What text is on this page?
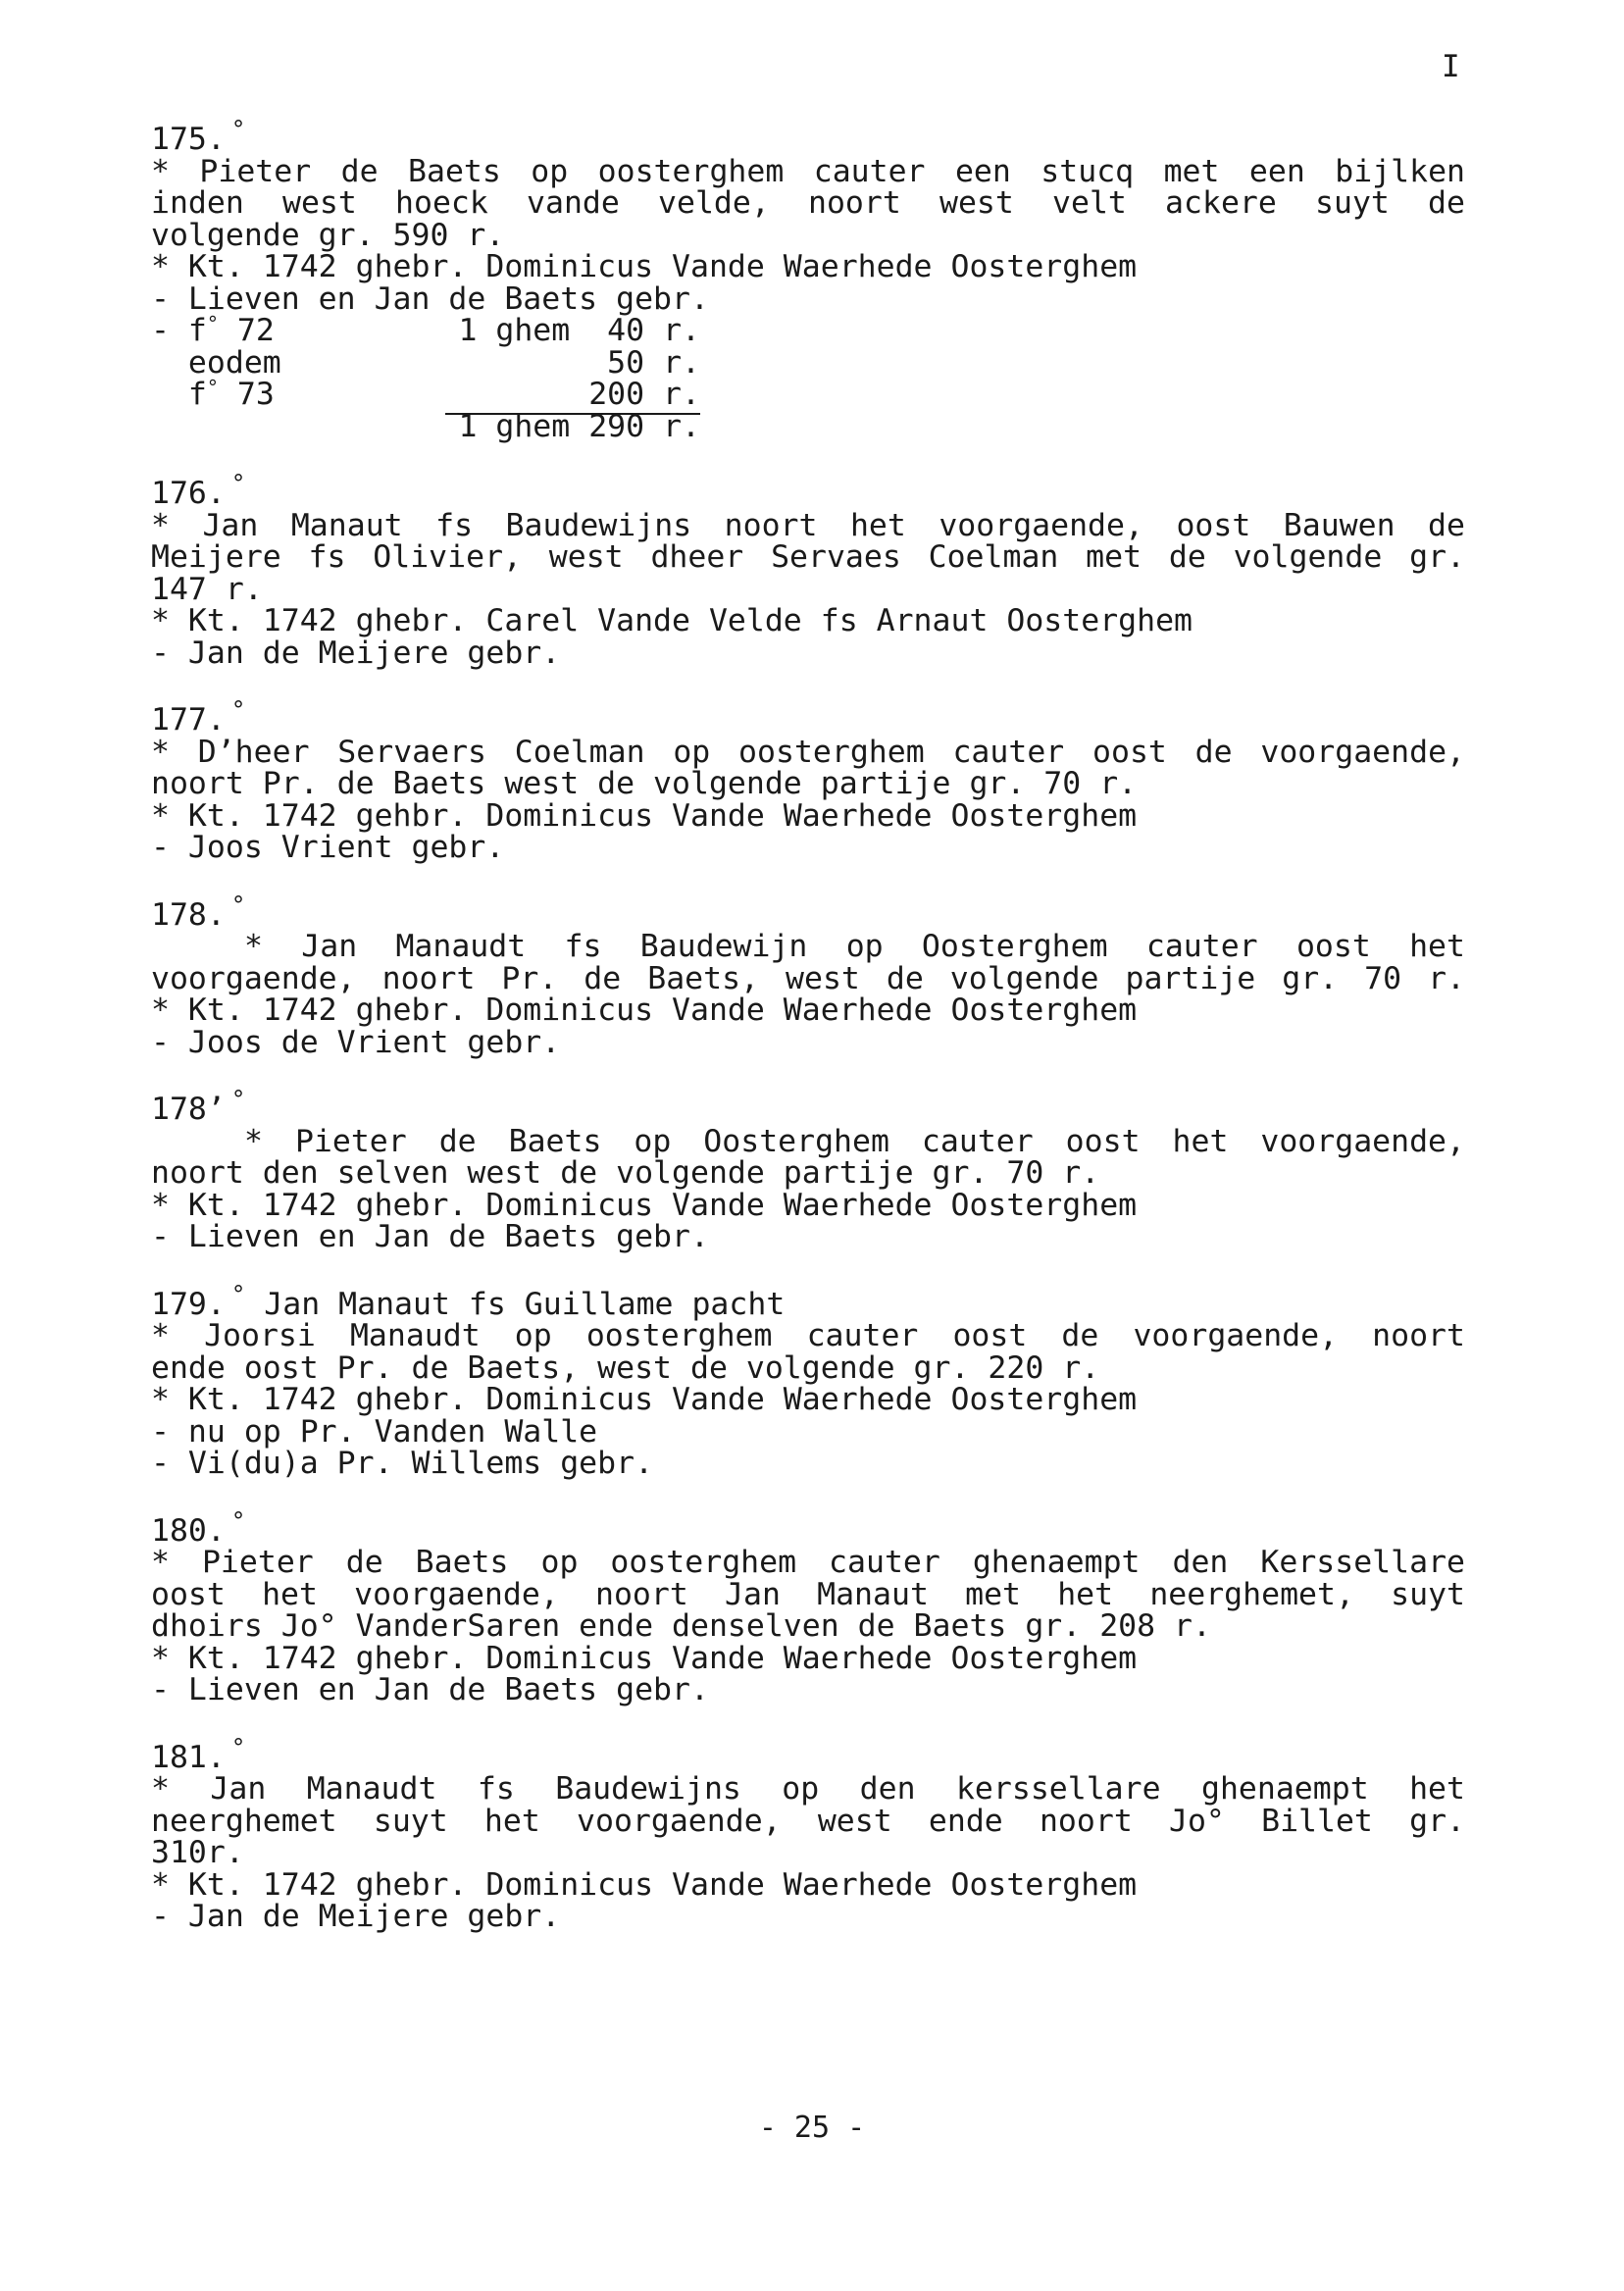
I
175. °
* Pieter de Baets op oosterghem cauter een stucq met een bijlken
inden west hoeck vande velde, noort west velt ackere suyt de
volgende gr. 590 r.
* Kt. 1742 ghebr. Dominicus Vande Waerhede Oosterghem
- Lieven en Jan de Baets gebr.
- f° 72	1 ghem  40 r.
eodem	50 r.
f° 73	200 r.
1 ghem 290 r.
176. °
* Jan Manaut fs Baudewijns noort het voorgaende, oost Bauwen de
Meijere fs Olivier, west dheer Servaes Coelman met de volgende gr.
147 r.
* Kt. 1742 ghebr. Carel Vande Velde fs Arnaut Oosterghem
- Jan de Meijere gebr.
177. °
* D’heer Servaers Coelman op oosterghem cauter oost de voorgaende,
noort Pr. de Baets west de volgende partije gr. 70 r.
* Kt. 1742 gehbr. Dominicus Vande Waerhede Oosterghem
- Joos Vrient gebr.
178. °
* Jan Manaudt fs Baudewijn op Oosterghem cauter oost het
voorgaende, noort Pr. de Baets, west de volgende partije gr. 70 r.
* Kt. 1742 ghebr. Dominicus Vande Waerhede Oosterghem
- Joos de Vrient gebr.
178’ °
* Pieter de Baets op Oosterghem cauter oost het voorgaende,
noort den selven west de volgende partije gr. 70 r.
* Kt. 1742 ghebr. Dominicus Vande Waerhede Oosterghem
- Lieven en Jan de Baets gebr.
179. ° Jan Manaut fs Guillame pacht
* Joorsi Manaudt op oosterghem cauter oost de voorgaende, noort
ende oost Pr. de Baets, west de volgende gr. 220 r.
* Kt. 1742 ghebr. Dominicus Vande Waerhede Oosterghem
- nu op Pr. Vanden Walle
- Vi(du)a Pr. Willems gebr.
180. °
* Pieter de Baets op oosterghem cauter ghenaempt den Kerssellare
oost het voorgaende, noort Jan Manaut met het neerghemet, suyt
dhoirs Jo° VanderSaren ende denselven de Baets gr. 208 r.
* Kt. 1742 ghebr. Dominicus Vande Waerhede Oosterghem
- Lieven en Jan de Baets gebr.
181. °
* Jan Manaudt fs Baudewijns op den kerssellare ghenaempt het
neerghemet suyt het voorgaende, west ende noort Jo° Billet gr.
310r.
* Kt. 1742 ghebr. Dominicus Vande Waerhede Oosterghem
- Jan de Meijere gebr.
- 25 -
